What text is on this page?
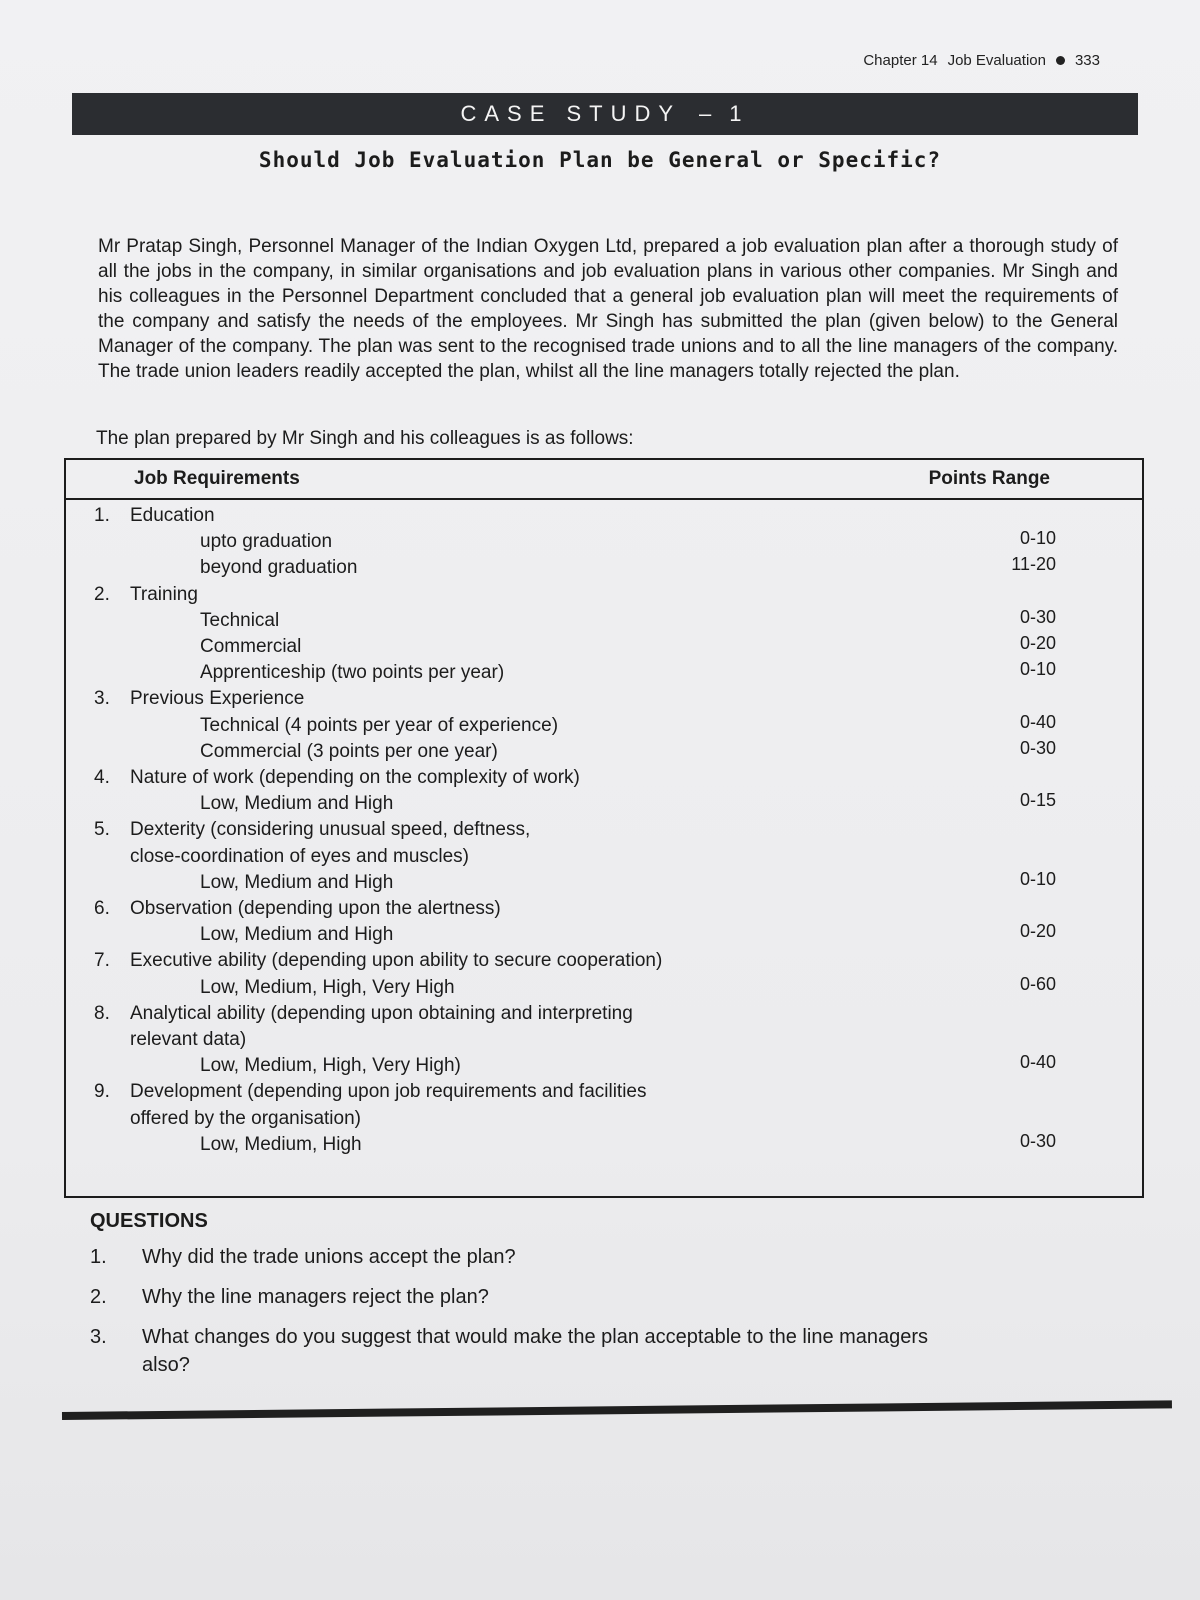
Chapter 14 Job Evaluation 333
CASE STUDY – 1
Should Job Evaluation Plan be General or Specific?

Mr Pratap Singh, Personnel Manager of the Indian Oxygen Ltd, prepared a job evaluation plan after a thorough study of all the jobs in the company, in similar organisations and job evaluation plans in various other companies. Mr Singh and his colleagues in the Personnel Department concluded that a general job evaluation plan will meet the requirements of the company and satisfy the needs of the employees. Mr Singh has submitted the plan (given below) to the General Manager of the company. The plan was sent to the recognised trade unions and to all the line managers of the company. The trade union leaders readily accepted the plan, whilst all the line managers totally rejected the plan.

The plan prepared by Mr Singh and his colleagues is as follows:
Job Requirements	Points Range
1. Education
upto graduation	0-10
beyond graduation	11-20
2. Training
Technical	0-30
Commercial	0-20
Apprenticeship (two points per year)	0-10
3. Previous Experience
Technical (4 points per year of experience)	0-40
Commercial (3 points per one year)	0-30
4. Nature of work (depending on the complexity of work)
Low, Medium and High	0-15
5. Dexterity (considering unusual speed, deftness,
close-coordination of eyes and muscles)
Low, Medium and High	0-10
6. Observation (depending upon the alertness)
Low, Medium and High	0-20
7. Executive ability (depending upon ability to secure cooperation)
Low, Medium, High, Very High	0-60
8. Analytical ability (depending upon obtaining and interpreting
relevant data)
Low, Medium, High, Very High)	0-40
9. Development (depending upon job requirements and facilities
offered by the organisation)
Low, Medium, High	0-30
QUESTIONS
1. Why did the trade unions accept the plan?
2. Why the line managers reject the plan?
3. What changes do you suggest that would make the plan acceptable to the line managers
also?
